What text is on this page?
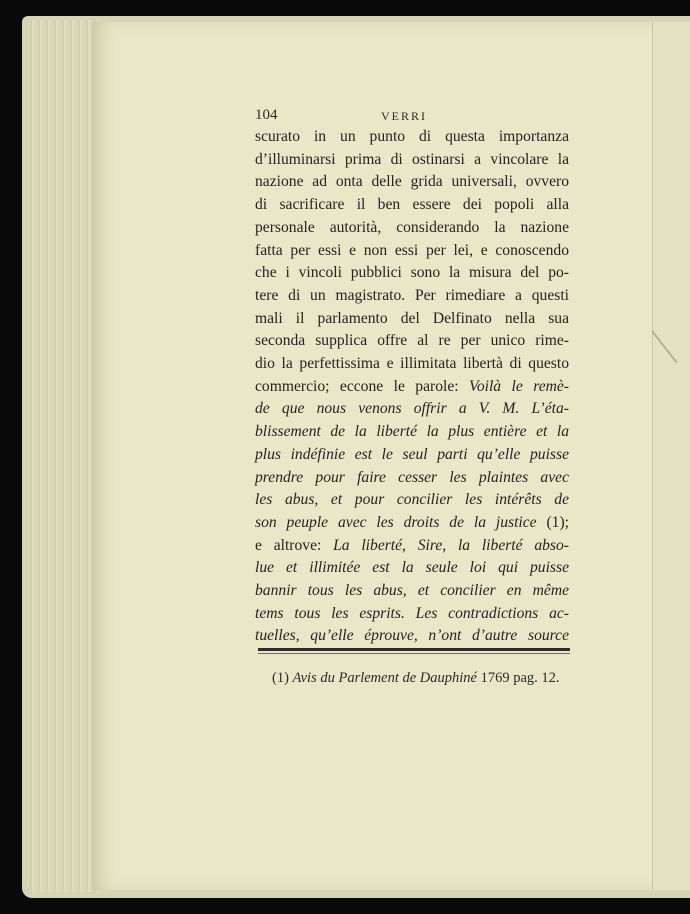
104	VERRI
scurato in un punto di questa importanza
d’illuminarsi prima di ostinarsi a vincolare la
nazione ad onta delle grida universali, ovvero
di sacrificare il ben essere dei popoli alla
personale autorità, considerando la nazione
fatta per essi e non essi per lei, e conoscendo
che i vincoli pubblici sono la misura del po-
tere di un magistrato. Per rimediare a questi
mali il parlamento del Delfinato nella sua
seconda supplica offre al re per unico rime-
dio la perfettissima e illimitata libertà di questo
commercio; eccone le parole: Voilà le remè-
de que nous venons offrir a V. M. L’éta-
blissement de la liberté la plus entière et la
plus indéfinie est le seul parti qu’elle puisse
prendre pour faire cesser les plaintes avec
les abus, et pour concilier les intérêts de
son peuple avec les droits de la justice (1);
e altrove: La liberté, Sire, la liberté abso-
lue et illimitée est la seule loi qui puisse
bannir tous les abus, et concilier en même
tems tous les esprits. Les contradictions ac-
tuelles, qu’elle éprouve, n’ont d’autre source
(1) Avis du Parlement de Dauphiné 1769 pag. 12.
